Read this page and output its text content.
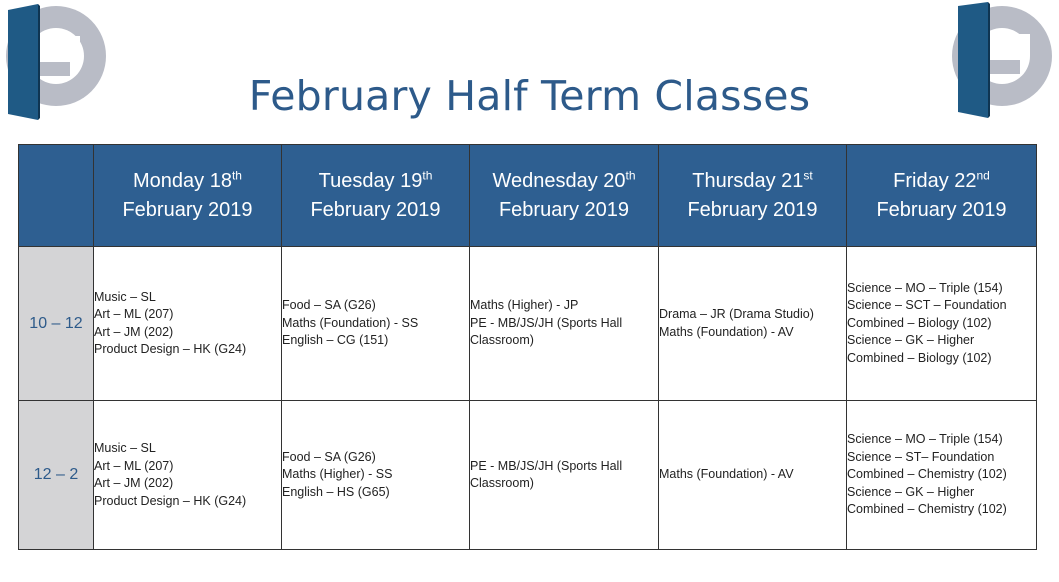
February Half Term Classes
	Monday 18th
February 2019	Tuesday 19th
February 2019	Wednesday 20th
February 2019	Thursday 21st
February 2019	Friday 22nd
February 2019
10 – 12	Music – SL
Art – ML (207)
Art – JM (202)
Product Design – HK (G24)	Food – SA (G26)
Maths (Foundation) - SS
English – CG (151)	Maths (Higher) - JP
PE - MB/JS/JH (Sports Hall
Classroom)	Drama – JR (Drama Studio)
Maths (Foundation) - AV	Science – MO – Triple (154)
Science – SCT – Foundation
Combined – Biology (102)
Science – GK – Higher
Combined – Biology (102)

12 – 2	Music – SL
Art – ML (207)
Art – JM (202)
Product Design – HK (G24)	Food – SA (G26)
Maths (Higher) - SS
English – HS (G65)	PE - MB/JS/JH (Sports Hall
Classroom)	Maths (Foundation) - AV	Science – MO – Triple (154)
Science – ST– Foundation
Combined – Chemistry (102)
Science – GK – Higher
Combined – Chemistry (102)
